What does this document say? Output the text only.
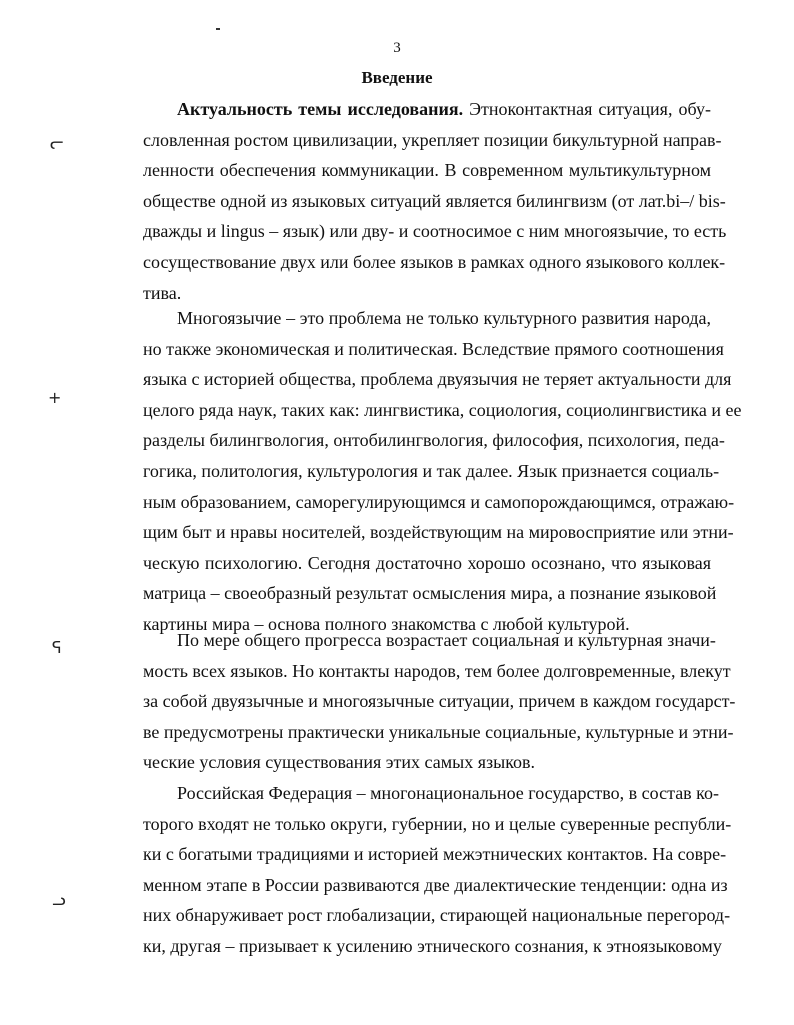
3
Введение
Актуальность темы исследования. Этноконтактная ситуация, обу-
словленная ростом цивилизации, укрепляет позиции бикультурной направ-
ленности обеспечения коммуникации. В современном мультикультурном
обществе одной из языковых ситуаций является билингвизм (от лат.bi–/ bis-
дважды и lingus – язык) или дву- и соотносимое с ним многоязычие, то есть
сосуществование двух или более языков в рамках одного языкового коллек-
тива.
Многоязычие – это проблема не только культурного развития народа,
но также экономическая и политическая. Вследствие прямого соотношения
языка с историей общества, проблема двуязычия не теряет актуальности для
целого ряда наук, таких как: лингвистика, социология, социолингвистика и ее
разделы билингвология, онтобилингвология, философия, психология, педа-
гогика, политология, культурология и так далее. Язык признается социаль-
ным образованием, саморегулирующимся и самопорождающимся, отражаю-
щим быт и нравы носителей, воздействующим на мировосприятие или этни-
ческую психологию. Сегодня достаточно хорошо осознано, что языковая
матрица – своеобразный результат осмысления мира, а познание языковой
картины мира – основа полного знакомства с любой культурой.
По мере общего прогресса возрастает социальная и культурная значи-
мость всех языков. Но контакты народов, тем более долговременные, влекут
за собой двуязычные и многоязычные ситуации, причем в каждом государст-
ве предусмотрены практически уникальные социальные, культурные и этни-
ческие условия существования этих самых языков.
Российская Федерация – многонациональное государство, в состав ко-
торого входят не только округи, губернии, но и целые суверенные республи-
ки с богатыми традициями и историей межэтнических контактов. На совре-
менном этапе в России развиваются две диалектические тенденции: одна из
них обнаруживает рост глобализации, стирающей национальные перегород-
ки, другая – призывает к усилению этнического сознания, к этноязыковому
ᓕ
+
ᕋ
ᓗ
